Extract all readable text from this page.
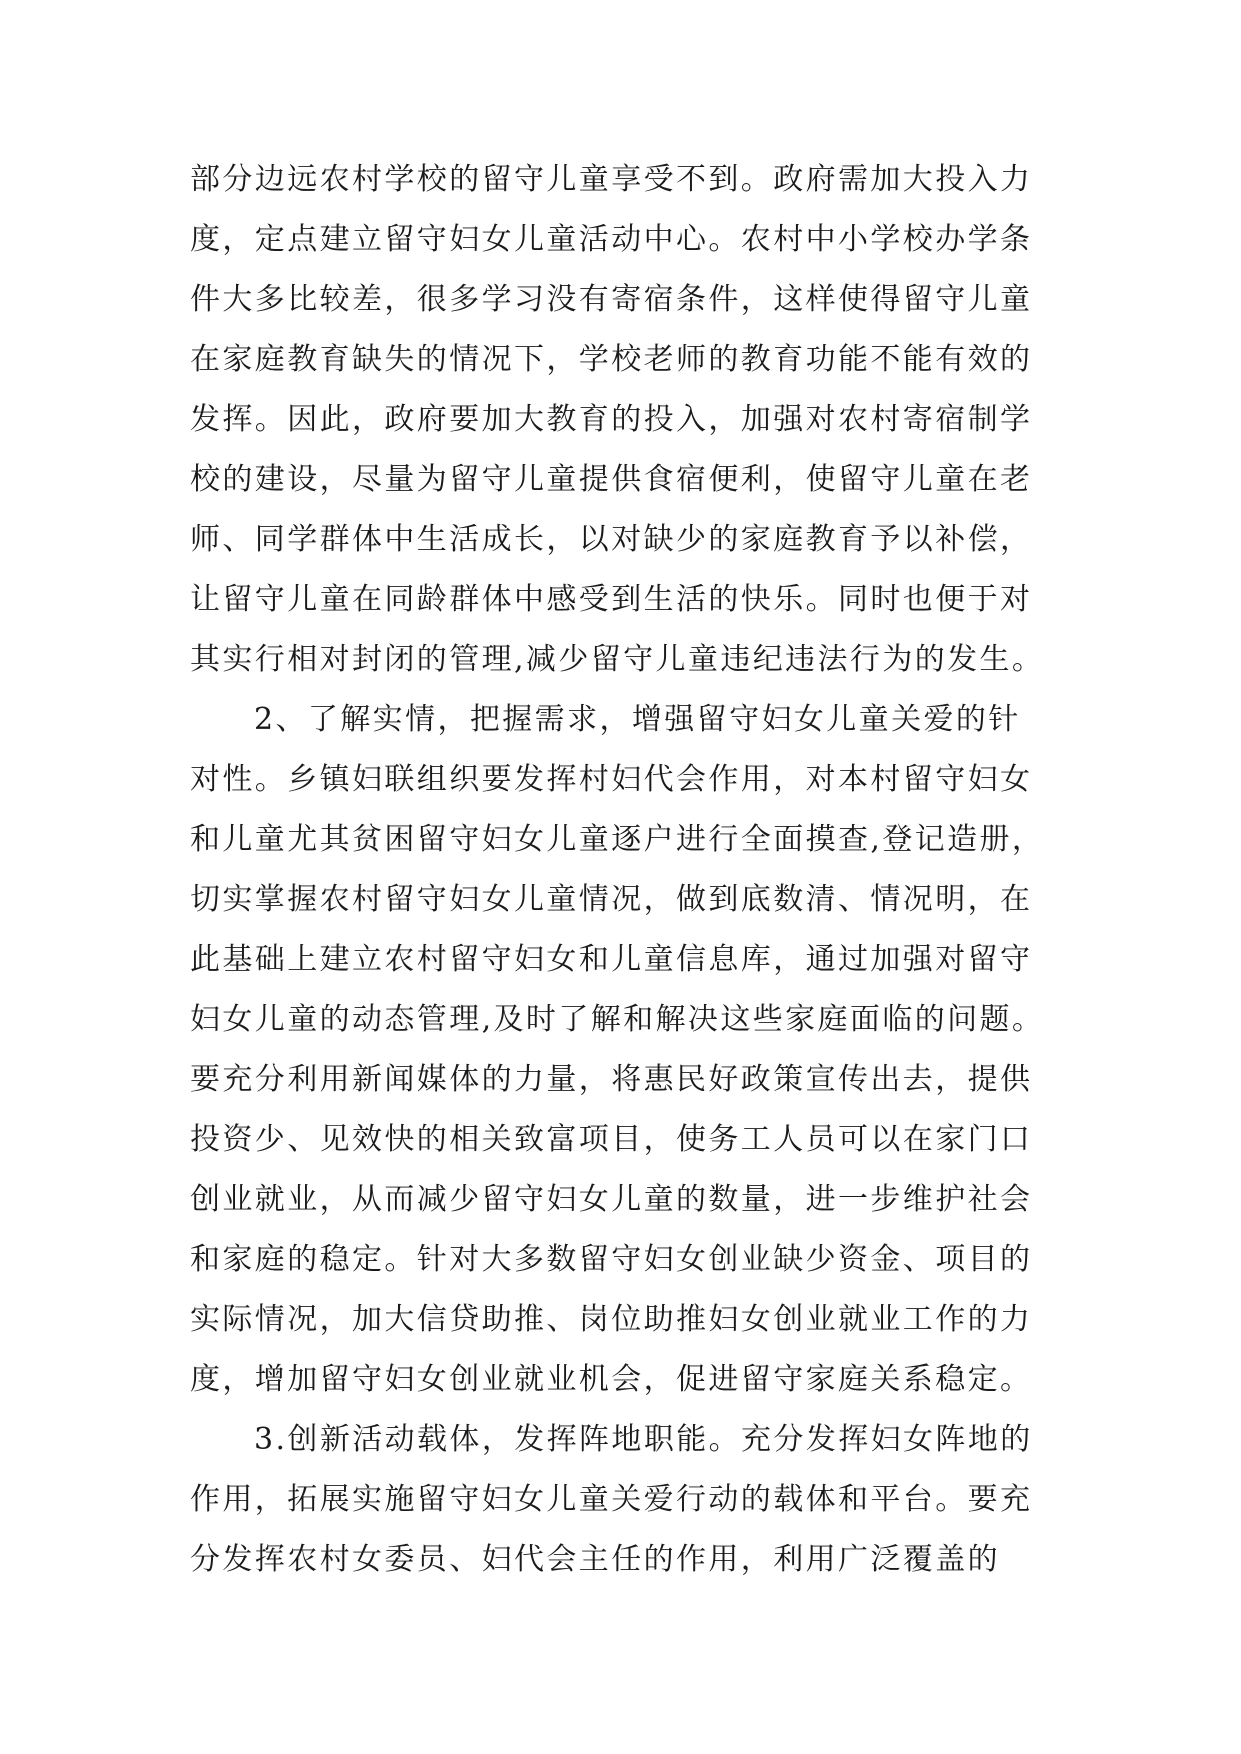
部分边远农村学校的留守儿童享受不到。政府需加大投入力
度，定点建立留守妇女儿童活动中心。农村中小学校办学条
件大多比较差，很多学习没有寄宿条件，这样使得留守儿童
在家庭教育缺失的情况下，学校老师的教育功能不能有效的
发挥。因此，政府要加大教育的投入，加强对农村寄宿制学
校的建设，尽量为留守儿童提供食宿便利，使留守儿童在老
师、同学群体中生活成长，以对缺少的家庭教育予以补偿，
让留守儿童在同龄群体中感受到生活的快乐。同时也便于对
其实行相对封闭的管理,减少留守儿童违纪违法行为的发生。
2、了解实情，把握需求，增强留守妇女儿童关爱的针
对性。乡镇妇联组织要发挥村妇代会作用，对本村留守妇女
和儿童尤其贫困留守妇女儿童逐户进行全面摸查,登记造册，
切实掌握农村留守妇女儿童情况，做到底数清、情况明，在
此基础上建立农村留守妇女和儿童信息库，通过加强对留守
妇女儿童的动态管理,及时了解和解决这些家庭面临的问题。
要充分利用新闻媒体的力量，将惠民好政策宣传出去，提供
投资少、见效快的相关致富项目，使务工人员可以在家门口
创业就业，从而减少留守妇女儿童的数量，进一步维护社会
和家庭的稳定。针对大多数留守妇女创业缺少资金、项目的
实际情况，加大信贷助推、岗位助推妇女创业就业工作的力
度，增加留守妇女创业就业机会，促进留守家庭关系稳定。
3.创新活动载体，发挥阵地职能。充分发挥妇女阵地的
作用，拓展实施留守妇女儿童关爱行动的载体和平台。要充
分发挥农村女委员、妇代会主任的作用，利用广泛覆盖的
